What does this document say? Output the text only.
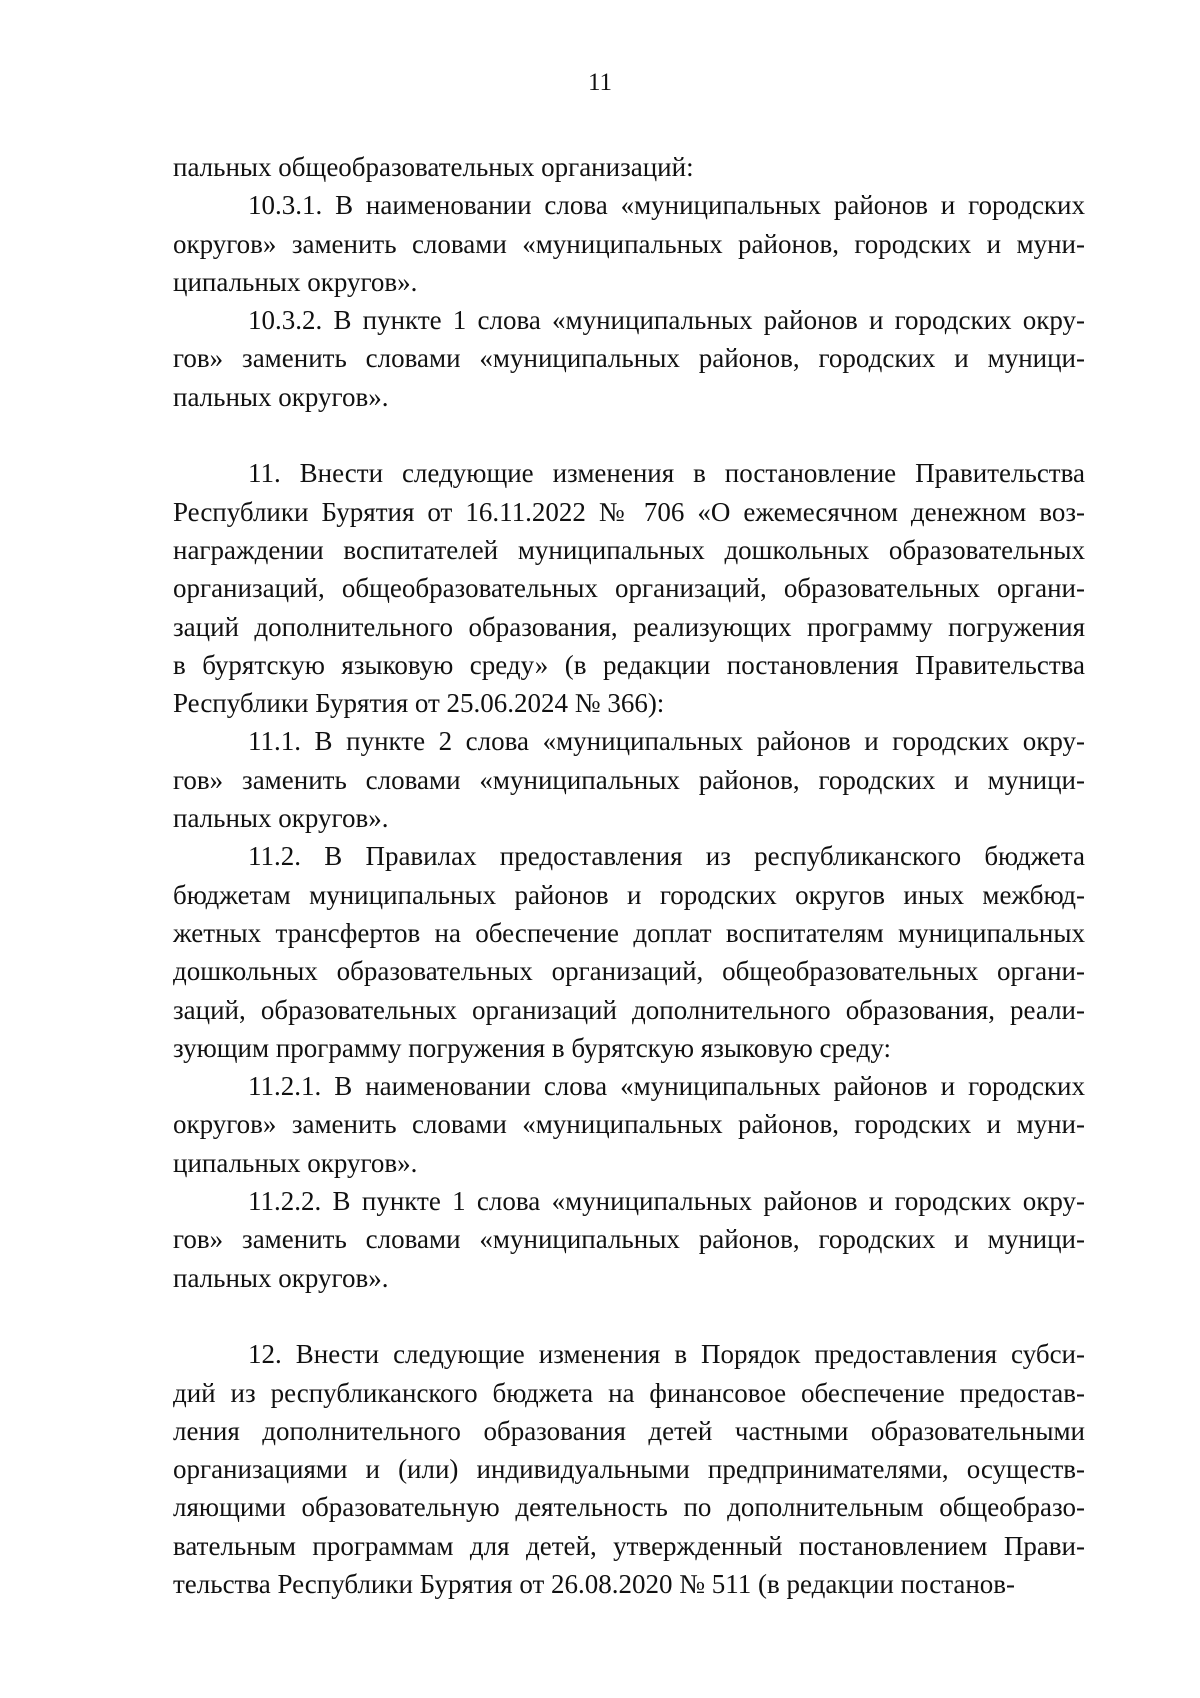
11
пальных общеобразовательных организаций:
10.3.1. В наименовании слова «муниципальных районов и городских
округов» заменить словами «муниципальных районов, городских и муни-
ципальных округов».
10.3.2. В пункте 1 слова «муниципальных районов и городских окру-
гов» заменить словами «муниципальных районов, городских и муници-
пальных округов».
11. Внести следующие изменения в постановление Правительства
Республики Бурятия от 16.11.2022 № 706 «О ежемесячном денежном воз-
награждении воспитателей муниципальных дошкольных образовательных
организаций, общеобразовательных организаций, образовательных органи-
заций дополнительного образования, реализующих программу погружения
в бурятскую языковую среду» (в редакции постановления Правительства
Республики Бурятия от 25.06.2024 № 366):
11.1. В пункте 2 слова «муниципальных районов и городских окру-
гов» заменить словами «муниципальных районов, городских и муници-
пальных округов».
11.2. В Правилах предоставления из республиканского бюджета
бюджетам муниципальных районов и городских округов иных межбюд-
жетных трансфертов на обеспечение доплат воспитателям муниципальных
дошкольных образовательных организаций, общеобразовательных органи-
заций, образовательных организаций дополнительного образования, реали-
зующим программу погружения в бурятскую языковую среду:
11.2.1. В наименовании слова «муниципальных районов и городских
округов» заменить словами «муниципальных районов, городских и муни-
ципальных округов».
11.2.2. В пункте 1 слова «муниципальных районов и городских окру-
гов» заменить словами «муниципальных районов, городских и муници-
пальных округов».
12. Внести следующие изменения в Порядок предоставления субси-
дий из республиканского бюджета на финансовое обеспечение предостав-
ления дополнительного образования детей частными образовательными
организациями и (или) индивидуальными предпринимателями, осуществ-
ляющими образовательную деятельность по дополнительным общеобразо-
вательным программам для детей, утвержденный постановлением Прави-
тельства Республики Бурятия от 26.08.2020 № 511 (в редакции постанов-
